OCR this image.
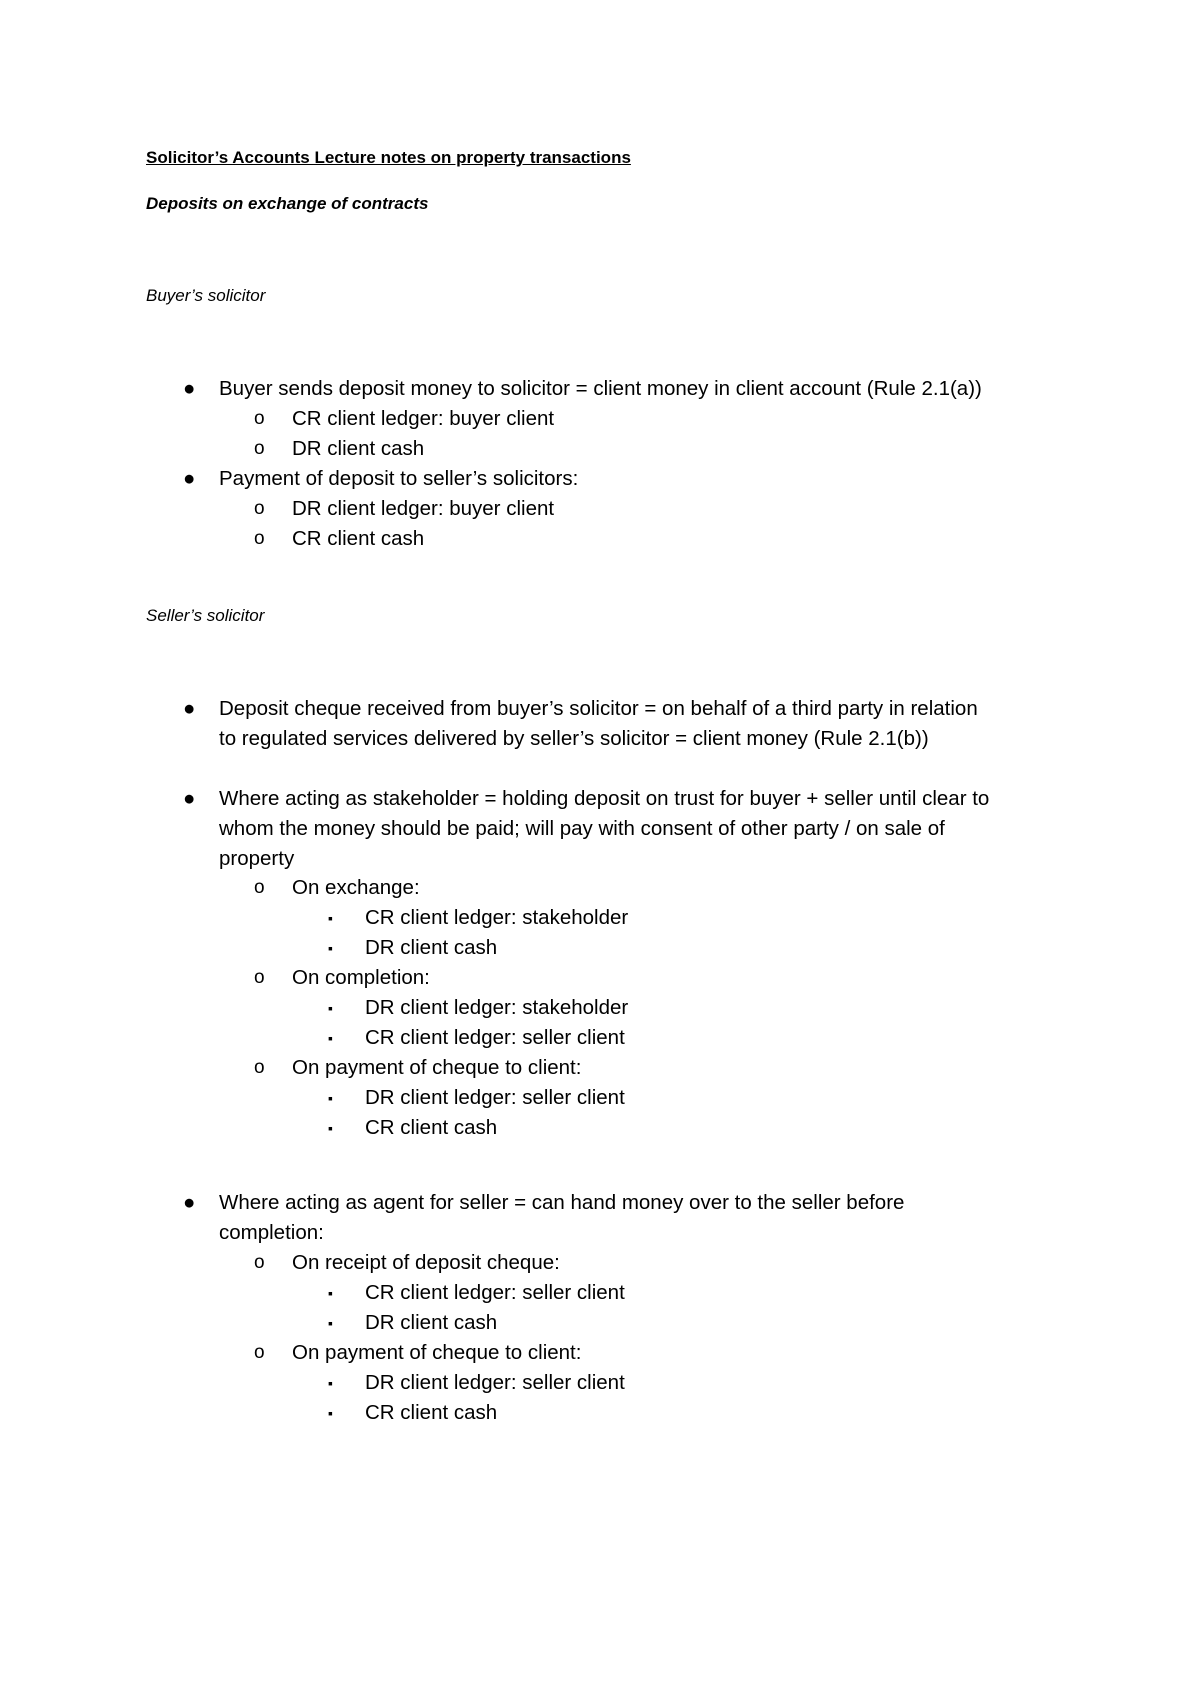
Solicitor’s Accounts Lecture notes on property transactions

Deposits on exchange of contracts

Buyer’s solicitor

● Buyer sends deposit money to solicitor = client money in client account (Rule 2.1(a))
o CR client ledger: buyer client
o DR client cash
● Payment of deposit to seller’s solicitors:
o DR client ledger: buyer client
o CR client cash

Seller’s solicitor

● Deposit cheque received from buyer’s solicitor = on behalf of a third party in relation
to regulated services delivered by seller’s solicitor = client money (Rule 2.1(b))
● Where acting as stakeholder = holding deposit on trust for buyer + seller until clear to
whom the money should be paid; will pay with consent of other party / on sale of
property
o On exchange:
▪ CR client ledger: stakeholder
▪ DR client cash
o On completion:
▪ DR client ledger: stakeholder
▪ CR client ledger: seller client
o On payment of cheque to client:
▪ DR client ledger: seller client
▪ CR client cash
● Where acting as agent for seller = can hand money over to the seller before
completion:
o On receipt of deposit cheque:
▪ CR client ledger: seller client
▪ DR client cash
o On payment of cheque to client:
▪ DR client ledger: seller client
▪ CR client cash
